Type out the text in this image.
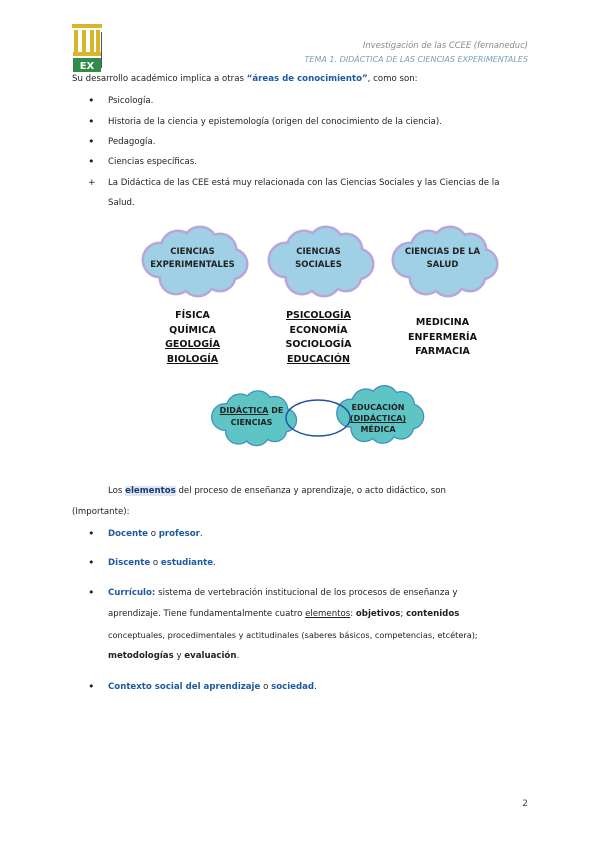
EX
Investigación de las CCEE (fernaneduc)
TEMA 1. DIDÁCTICA DE LAS CIENCIAS EXPERIMENTALES
Su desarrollo académico implica a otras “áreas de conocimiento”, como son:
• Psicología.
• Historia de la ciencia y epistemología (origen del conocimiento de la ciencia).
• Pedagogía.
• Ciencias específicas.
+ La Didáctica de las CEE está muy relacionada con las Ciencias Sociales y las Ciencias de la
Salud.
CIENCIAS
EXPERIMENTALES
CIENCIAS
SOCIALES
CIENCIAS DE LA
SALUD
FÍSICA
QUÍMICA
GEOLOGÍA
BIOLOGÍA
PSICOLOGÍA
ECONOMÍA
SOCIOLOGÍA
EDUCACIÓN
MEDICINA
ENFERMERÍA
FARMACIA
DIDÁCTICA DE
CIENCIAS
EDUCACIÓN
(DIDÁCTICA)
MÉDICA
Los elementos del proceso de enseñanza y aprendizaje, o acto didáctico, son
(Importante):
• Docente o profesor.
• Discente o estudiante.
• Currículo: sistema de vertebración institucional de los procesos de enseñanza y
aprendizaje. Tiene fundamentalmente cuatro elementos: objetivos; contenidos
conceptuales, procedimentales y actitudinales (saberes básicos, competencias, etcétera);
metodologías y evaluación.
• Contexto social del aprendizaje o sociedad.
2
